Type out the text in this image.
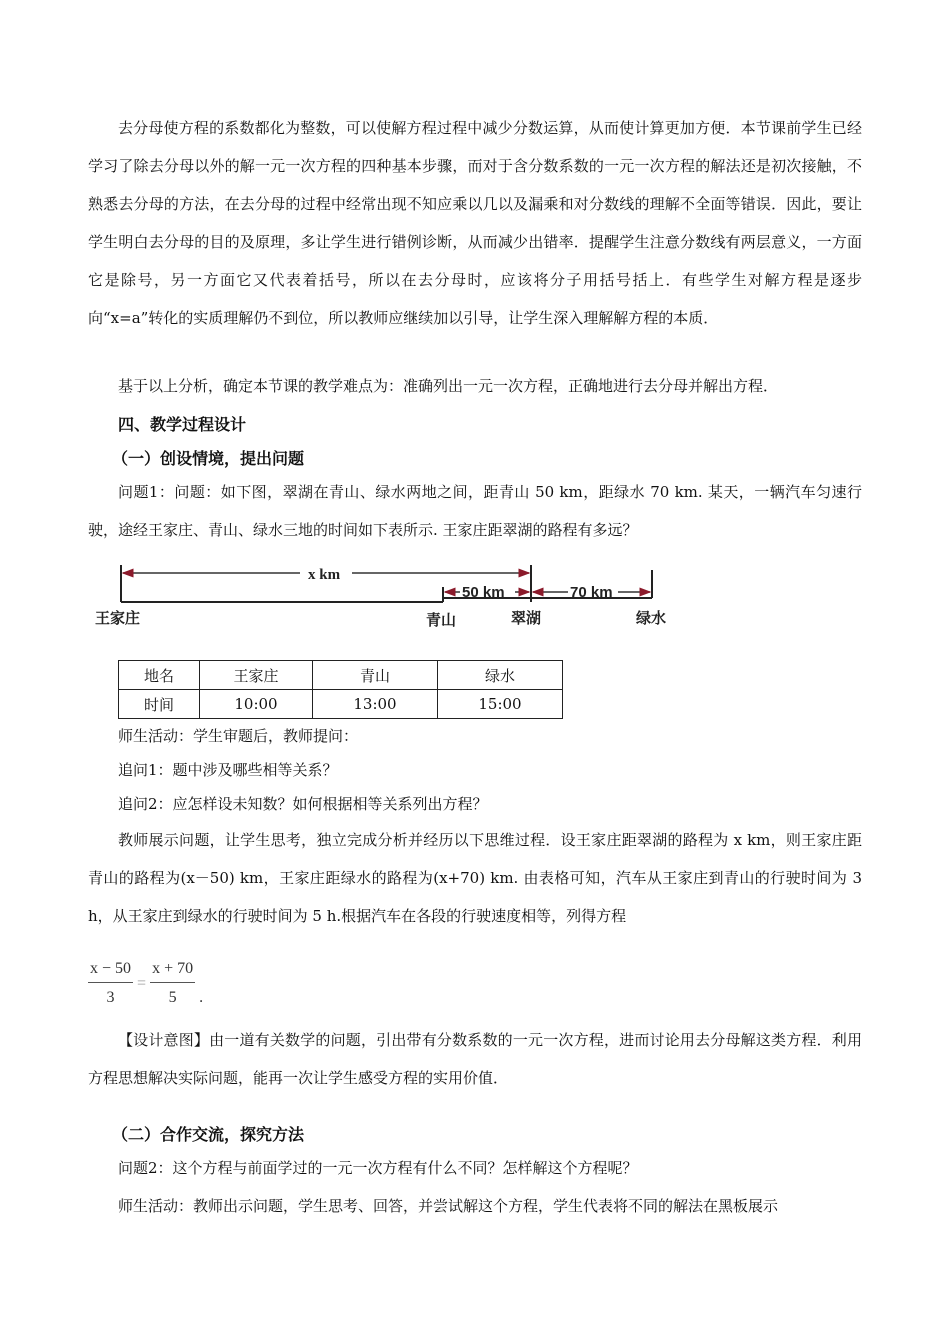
去分母使方程的系数都化为整数，可以使解方程过程中减少分数运算，从而使计算更加方便．本节课前学生已经学习了除去分母以外的解一元一次方程的四种基本步骤，而对于含分数系数的一元一次方程的解法还是初次接触，不熟悉去分母的方法，在去分母的过程中经常出现不知应乘以几以及漏乘和对分数线的理解不全面等错误．因此，要让学生明白去分母的目的及原理，多让学生进行错例诊断，从而减少出错率．提醒学生注意分数线有两层意义，一方面它是除号，另一方面它又代表着括号，所以在去分母时，应该将分子用括号括上．有些学生对解方程是逐步向“x=a”转化的实质理解仍不到位，所以教师应继续加以引导，让学生深入理解解方程的本质．
基于以上分析，确定本节课的教学难点为：准确列出一元一次方程，正确地进行去分母并解出方程．
四、教学过程设计
（一）创设情境，提出问题
问题1：问题：如下图，翠湖在青山、绿水两地之间，距青山 50 km，距绿水 70 km. 某天，一辆汽车匀速行驶，途经王家庄、青山、绿水三地的时间如下表所示. 王家庄距翠湖的路程有多远？
x km
50 km	70 km
王家庄	青山	翠湖	绿水
地名	王家庄	青山	绿水
时间	10:00	13:00	15:00
师生活动：学生审题后，教师提问：
追问1：题中涉及哪些相等关系？
追问2：应怎样设未知数？如何根据相等关系列出方程？
教师展示问题，让学生思考，独立完成分析并经历以下思维过程．设王家庄距翠湖的路程为 x km，则王家庄距青山的路程为(x－50) km，王家庄距绿水的路程为(x+70) km. 由表格可知，汽车从王家庄到青山的行驶时间为 3 h，从王家庄到绿水的行驶时间为 5 h.根据汽车在各段的行驶速度相等，列得方程
$\frac{x - 50}{3} = \frac{x + 70}{5}$ .
【设计意图】由一道有关数学的问题，引出带有分数系数的一元一次方程，进而讨论用去分母解这类方程．利用方程思想解决实际问题，能再一次让学生感受方程的实用价值．
（二）合作交流，探究方法
问题2：这个方程与前面学过的一元一次方程有什么不同？怎样解这个方程呢？
师生活动：教师出示问题，学生思考、回答，并尝试解这个方程，学生代表将不同的解法在黑板展示
